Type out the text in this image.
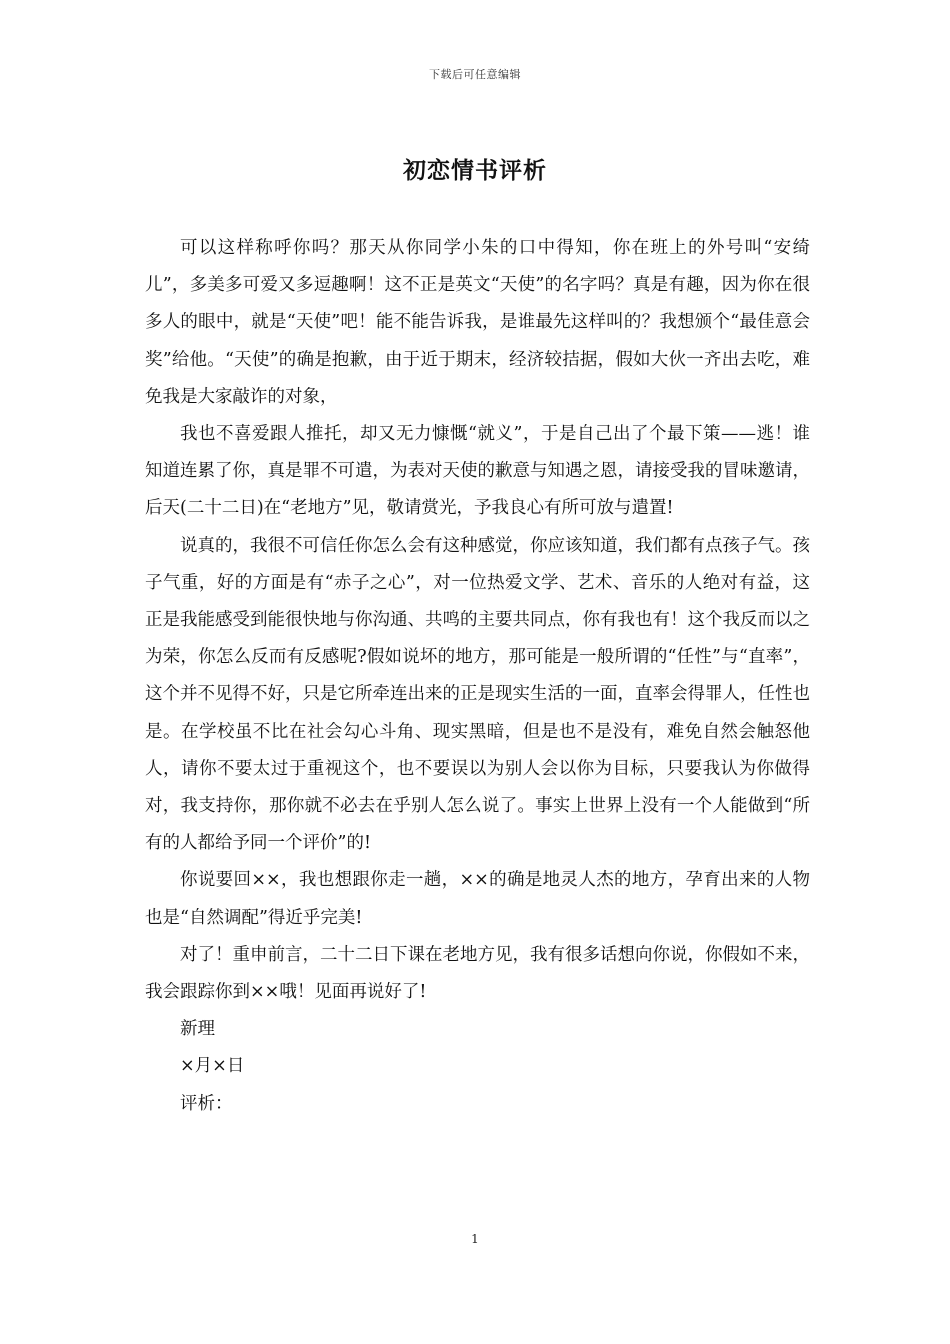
下载后可任意编辑
初恋情书评析

可以这样称呼你吗？那天从你同学小朱的口中得知，你在班上的外号叫“安绮儿”，多美多可爱又多逗趣啊！这不正是英文“天使”的名字吗？真是有趣，因为你在很多人的眼中，就是“天使”吧！能不能告诉我，是谁最先这样叫的？我想颁个“最佳意会奖”给他。“天使”的确是抱歉，由于近于期末，经济较拮据，假如大伙一齐出去吃，难免我是大家敲诈的对象，

我也不喜爱跟人推托，却又无力慷慨“就义”，于是自己出了个最下策——逃！谁知道连累了你，真是罪不可遣，为表对天使的歉意与知遇之恩，请接受我的冒味邀请，后天(二十二日)在“老地方”见，敬请赏光，予我良心有所可放与遣置!

说真的，我很不可信任你怎么会有这种感觉，你应该知道，我们都有点孩子气。孩子气重，好的方面是有“赤子之心”，对一位热爱文学、艺术、音乐的人绝对有益，这正是我能感受到能很快地与你沟通、共鸣的主要共同点，你有我也有！这个我反而以之为荣，你怎么反而有反感呢?假如说坏的地方，那可能是一般所谓的“任性”与“直率”，这个并不见得不好，只是它所牵连出来的正是现实生活的一面，直率会得罪人，任性也是。在学校虽不比在社会勾心斗角、现实黑暗，但是也不是没有，难免自然会触怒他人，请你不要太过于重视这个，也不要误以为别人会以你为目标，只要我认为你做得对，我支持你，那你就不必去在乎别人怎么说了。事实上世界上没有一个人能做到“所有的人都给予同一个评价”的!

你说要回××，我也想跟你走一趟，××的确是地灵人杰的地方，孕育出来的人物也是“自然调配”得近乎完美!

对了！重申前言，二十二日下课在老地方见，我有很多话想向你说，你假如不来，我会跟踪你到××哦！见面再说好了!

新理

×月×日

评析：

1
